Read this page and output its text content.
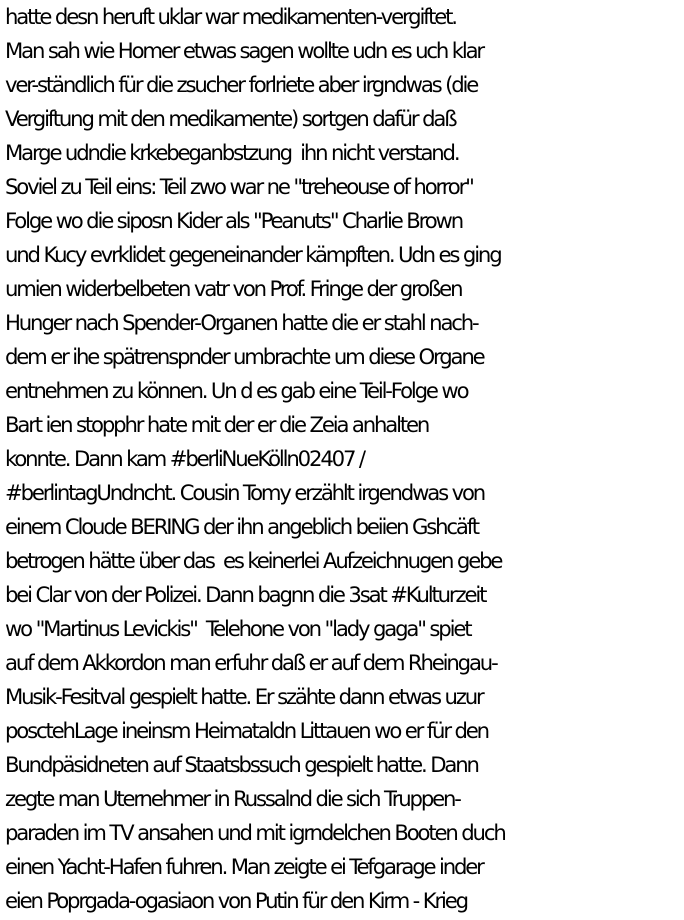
hatte desn heruft uklar war medikamenten-vergiftet.
Man sah wie Homer etwas sagen wollte udn es uch klar
ver-ständlich für die zsucher forlriete aber irgndwas (die
Vergiftung mit den medikamente) sortgen dafür daß
Marge udndie krkebeganbstzung  ihn nicht verstand.
Soviel zu Teil eins: Teil zwo war ne "treheouse of horror"
Folge wo die siposn Kider als "Peanuts" Charlie Brown
und Kucy evrklidet gegeneinander kämpften. Udn es ging
umien widerbelbeten vatr von Prof. Fringe der großen
Hunger nach Spender-Organen hatte die er stahl nach-
dem er ihe spätrenspnder umbrachte um diese Organe
entnehmen zu können. Un d es gab eine Teil-Folge wo
Bart ien stopphr hate mit der er die Zeia anhalten
konnte. Dann kam #berliNueKölln02407 /
#berlintagUndncht. Cousin Tomy erzählt irgendwas von
einem Cloude BERING der ihn angeblich beiien Gshcäft
betrogen hätte über das  es keinerlei Aufzeichnugen gebe
bei Clar von der Polizei. Dann bagnn die 3sat #Kulturzeit
wo "Martinus Levickis"  Telehone von "lady gaga" spiet
auf dem Akkordon man erfuhr daß er auf dem Rheingau-
Musik-Fesitval gespielt hatte. Er szähte dann etwas uzur
posctehLage ineinsm Heimataldn Littauen wo er für den
Bundpäsidneten auf Staatsbssuch gespielt hatte. Dann
zegte man Uternehmer in Russalnd die sich Truppen-
paraden im TV ansahen und mit igrndelchen Booten duch
einen Yacht-Hafen fuhren. Man zeigte ei Tefgarage inder
eien Poprgada-ogasiaon von Putin für den Kirm - Krieg
